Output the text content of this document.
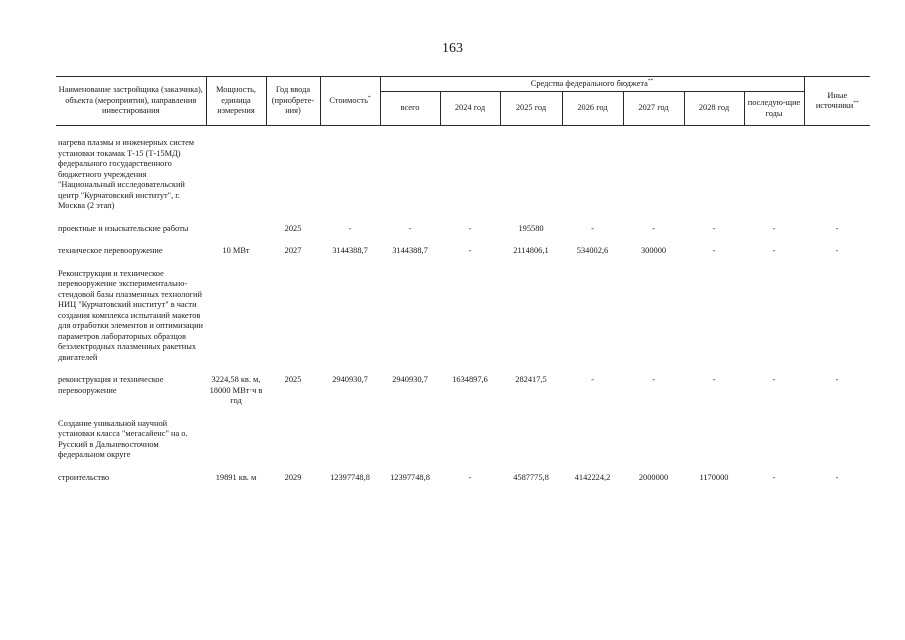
163
Наименование застройщика (заказчика), объекта (мероприятия), направления инвестирования	Мощность, единица измерения	Год ввода (приобрете-ния)	Стоимость*	Средства федерального бюджета**							Иные источники**
				всего	2024 год	2025 год	2026 год	2027 год	2028 год	последую-щие годы	

нагрева плазмы и инженерных систем установки токамак Т-15 (Т-15МД) федерального государственного бюджетного учреждения "Национальный исследовательский центр "Курчатовский институт", г. Москва (2 этап)											

проектные и изыскательские работы		2025	-	-	-	195580	-	-	-	-	-

техническое перевооружение	10 МВт	2027	3144388,7	3144388,7	-	2114806,1	534002,6	300000	-	-	-

Реконструкция и техническое перевооружение экспериментально-стендовой базы плазменных технологий НИЦ "Курчатовский институт" в части создания комплекса испытаний макетов для отработки элементов и оптимизации параметров лабораторных образцов безэлектродных плазменных ракетных двигателей											

реконструкция и техническое перевооружение	3224,58 кв. м, 18000 МВт·ч в год	2025	2940930,7	2940930,7	1634897,6	282417,5	-	-	-	-	-

Создание уникальной научной установки класса "мегасайенс" на о. Русский в Дальневосточном федеральном округе											

строительство	19891 кв. м	2029	12397748,8	12397748,8	-	4587775,8	4142224,2	2000000	1170000	-	-
